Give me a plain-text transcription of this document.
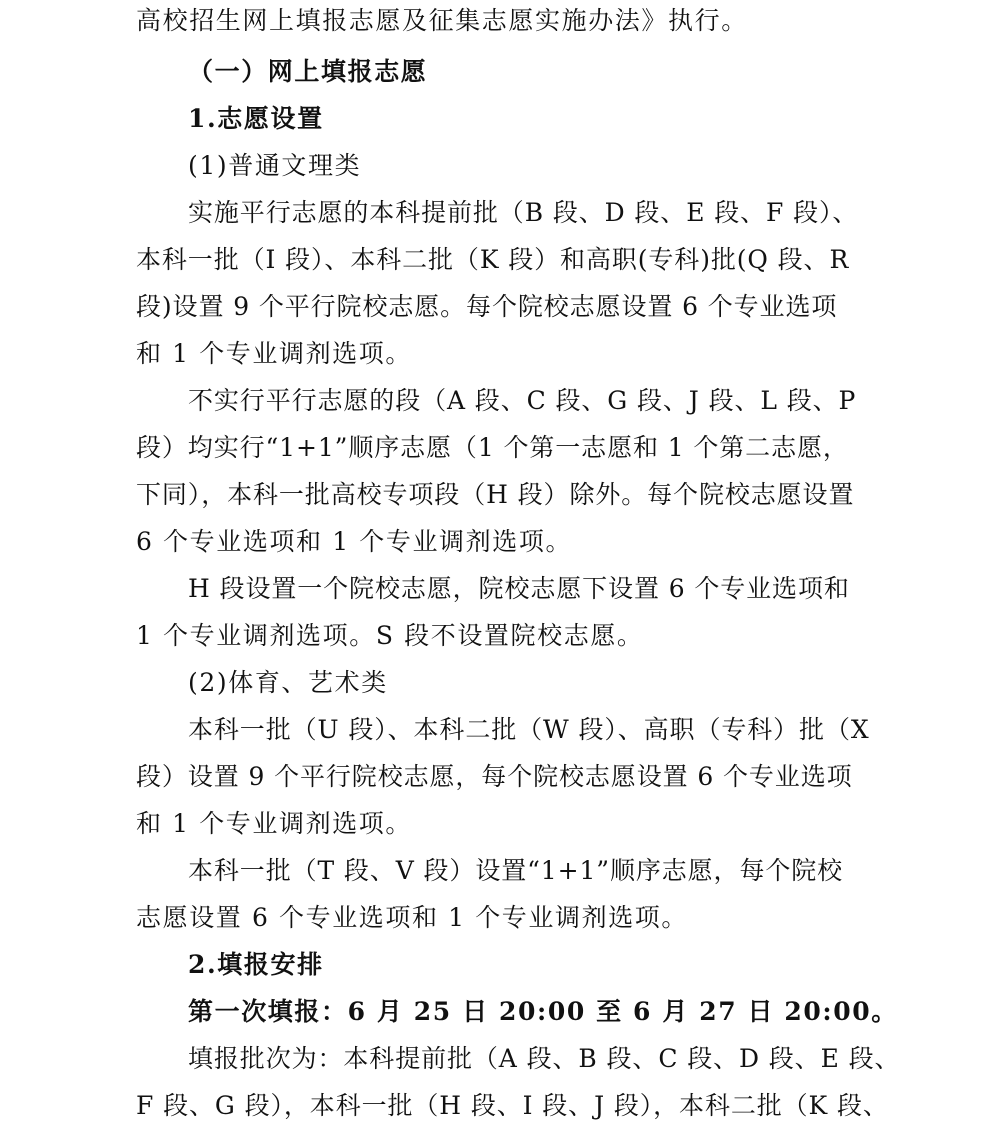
高校招生网上填报志愿及征集志愿实施办法》执行。
（一）网上填报志愿
1.志愿设置
(1)普通文理类
实施平行志愿的本科提前批（B 段、D 段、E 段、F 段）、
本科一批（I 段）、本科二批（K 段）和高职(专科)批(Q 段、R
段)设置 9 个平行院校志愿。每个院校志愿设置 6 个专业选项
和 1 个专业调剂选项。
不实行平行志愿的段（A 段、C 段、G 段、J 段、L 段、P
段）均实行“1+1”顺序志愿（1 个第一志愿和 1 个第二志愿，
下同），本科一批高校专项段（H 段）除外。每个院校志愿设置
6 个专业选项和 1 个专业调剂选项。
H 段设置一个院校志愿，院校志愿下设置 6 个专业选项和
1 个专业调剂选项。S 段不设置院校志愿。
(2)体育、艺术类
本科一批（U 段）、本科二批（W 段）、高职（专科）批（X
段）设置 9 个平行院校志愿，每个院校志愿设置 6 个专业选项
和 1 个专业调剂选项。
本科一批（T 段、V 段）设置“1+1”顺序志愿，每个院校
志愿设置 6 个专业选项和 1 个专业调剂选项。
2.填报安排
第一次填报：6 月 25 日 20:00 至 6 月 27 日 20:00。
填报批次为：本科提前批（A 段、B 段、C 段、D 段、E 段、
F 段、G 段），本科一批（H 段、I 段、J 段），本科二批（K 段、
